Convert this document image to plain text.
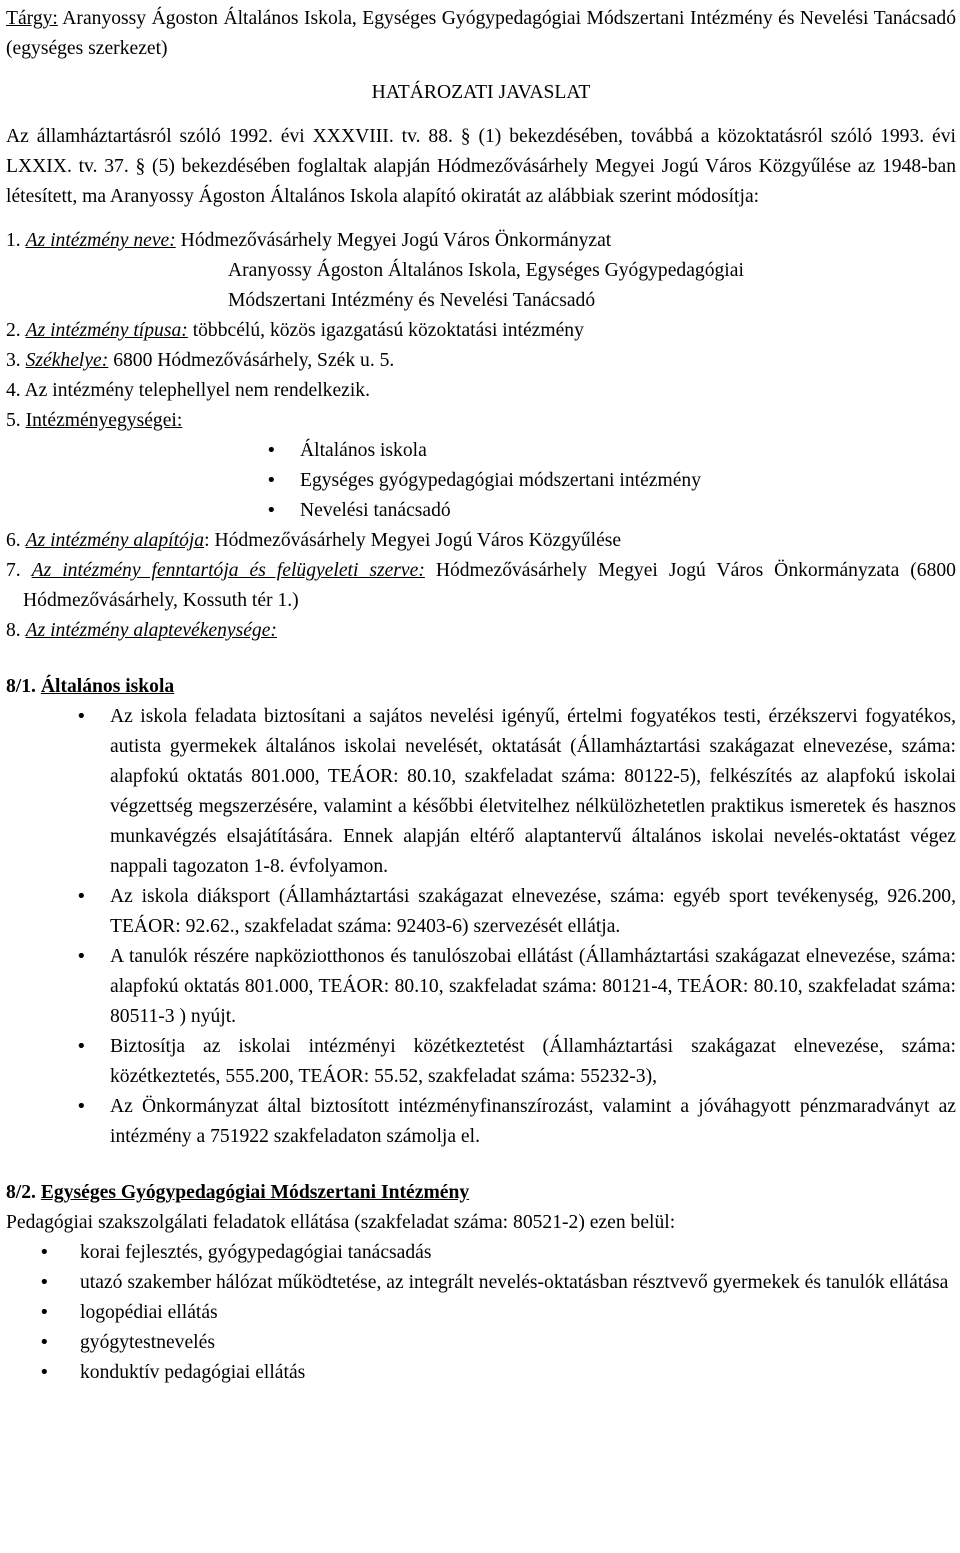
Tárgy: Aranyossy Ágoston Általános Iskola, Egységes Gyógypedagógiai Módszertani Intézmény és Nevelési Tanácsadó (egységes szerkezet)

HATÁROZATI JAVASLAT

Az államháztartásról szóló 1992. évi XXXVIII. tv. 88. § (1) bekezdésében, továbbá a közoktatásról szóló 1993. évi LXXIX. tv. 37. § (5) bekezdésében foglaltak alapján Hódmezővásárhely Megyei Jogú Város Közgyűlése az 1948-ban létesített, ma Aranyossy Ágoston Általános Iskola alapító okiratát az alábbiak szerint módosítja:

1. Az intézmény neve: Hódmezővásárhely Megyei Jogú Város Önkormányzat

Aranyossy Ágoston Általános Iskola, Egységes Gyógypedagógiai

Módszertani Intézmény és Nevelési Tanácsadó

2. Az intézmény típusa: többcélú, közös igazgatású közoktatási intézmény

3. Székhelye: 6800 Hódmezővásárhely, Szék u. 5.

4. Az intézmény telephellyel nem rendelkezik.

5. Intézményegységei:

• Általános iskola
• Egységes gyógypedagógiai módszertani intézmény
• Nevelési tanácsadó

6. Az intézmény alapítója: Hódmezővásárhely Megyei Jogú Város Közgyűlése

7. Az intézmény fenntartója és felügyeleti szerve: Hódmezővásárhely Megyei Jogú Város Önkormányzata (6800 Hódmezővásárhely, Kossuth tér 1.)

8. Az intézmény alaptevékenysége:

8/1. Általános iskola

• Az iskola feladata biztosítani a sajátos nevelési igényű, értelmi fogyatékos testi, érzékszervi fogyatékos, autista gyermekek általános iskolai nevelését, oktatását (Államháztartási szakágazat elnevezése, száma: alapfokú oktatás 801.000, TEÁOR: 80.10, szakfeladat száma: 80122-5), felkészítés az alapfokú iskolai végzettség megszerzésére, valamint a későbbi életvitelhez nélkülözhetetlen praktikus ismeretek és hasznos munkavégzés elsajátítására. Ennek alapján eltérő alaptantervű általános iskolai nevelés-oktatást végez nappali tagozaton 1-8. évfolyamon.
• Az iskola diáksport (Államháztartási szakágazat elnevezése, száma: egyéb sport tevékenység, 926.200, TEÁOR: 92.62., szakfeladat száma: 92403-6) szervezését ellátja.
• A tanulók részére napköziotthonos és tanulószobai ellátást (Államháztartási szakágazat elnevezése, száma: alapfokú oktatás 801.000, TEÁOR: 80.10, szakfeladat száma: 80121-4, TEÁOR: 80.10, szakfeladat száma: 80511-3 ) nyújt.
• Biztosítja az iskolai intézményi közétkeztetést (Államháztartási szakágazat elnevezése, száma: közétkeztetés, 555.200, TEÁOR: 55.52, szakfeladat száma: 55232-3),
• Az Önkormányzat által biztosított intézményfinanszírozást, valamint a jóváhagyott pénzmaradványt az intézmény a 751922 szakfeladaton számolja el.

8/2. Egységes Gyógypedagógiai Módszertani Intézmény

Pedagógiai szakszolgálati feladatok ellátása (szakfeladat száma: 80521-2) ezen belül:

• korai fejlesztés, gyógypedagógiai tanácsadás
• utazó szakember hálózat működtetése, az integrált nevelés-oktatásban résztvevő gyermekek és tanulók ellátása
• logopédiai ellátás
• gyógytestnevelés
• konduktív pedagógiai ellátás
